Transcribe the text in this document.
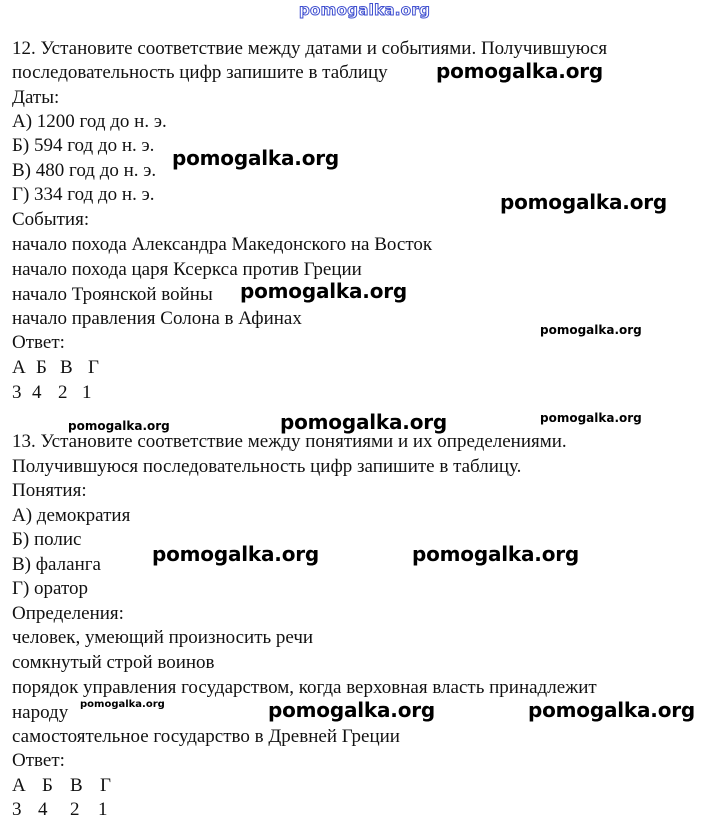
pomogalka.org
12. Установите соответствие между датами и событиями. Получившуюся
последовательность цифр запишите в таблицу
Даты:
А) 1200 год до н. э.
Б) 594 год до н. э.
В) 480 год до н. э.
Г) 334 год до н. э.
События:
начало похода Александра Македонского на Восток
начало похода царя Ксеркса против Греции
начало Троянской войны
начало правления Солона в Афинах
Ответ:
А Б В Г
3 4 2 1
13. Установите соответствие между понятиями и их определениями.
Получившуюся последовательность цифр запишите в таблицу.
Понятия:
А) демократия
Б) полис
В) фаланга
Г) оратор
Определения:
человек, умеющий произносить речи
сомкнутый строй воинов
порядок управления государством, когда верховная власть принадлежит
народу
самостоятельное государство в Древней Греции
Ответ:
А Б В Г
3 4 2 1
pomogalka.org
pomogalka.org
pomogalka.org
pomogalka.org
pomogalka.org
pomogalka.org
pomogalka.org	pomogalka.org
pomogalka.org	pomogalka.org
pomogalka.org	pomogalka.org	pomogalka.org
